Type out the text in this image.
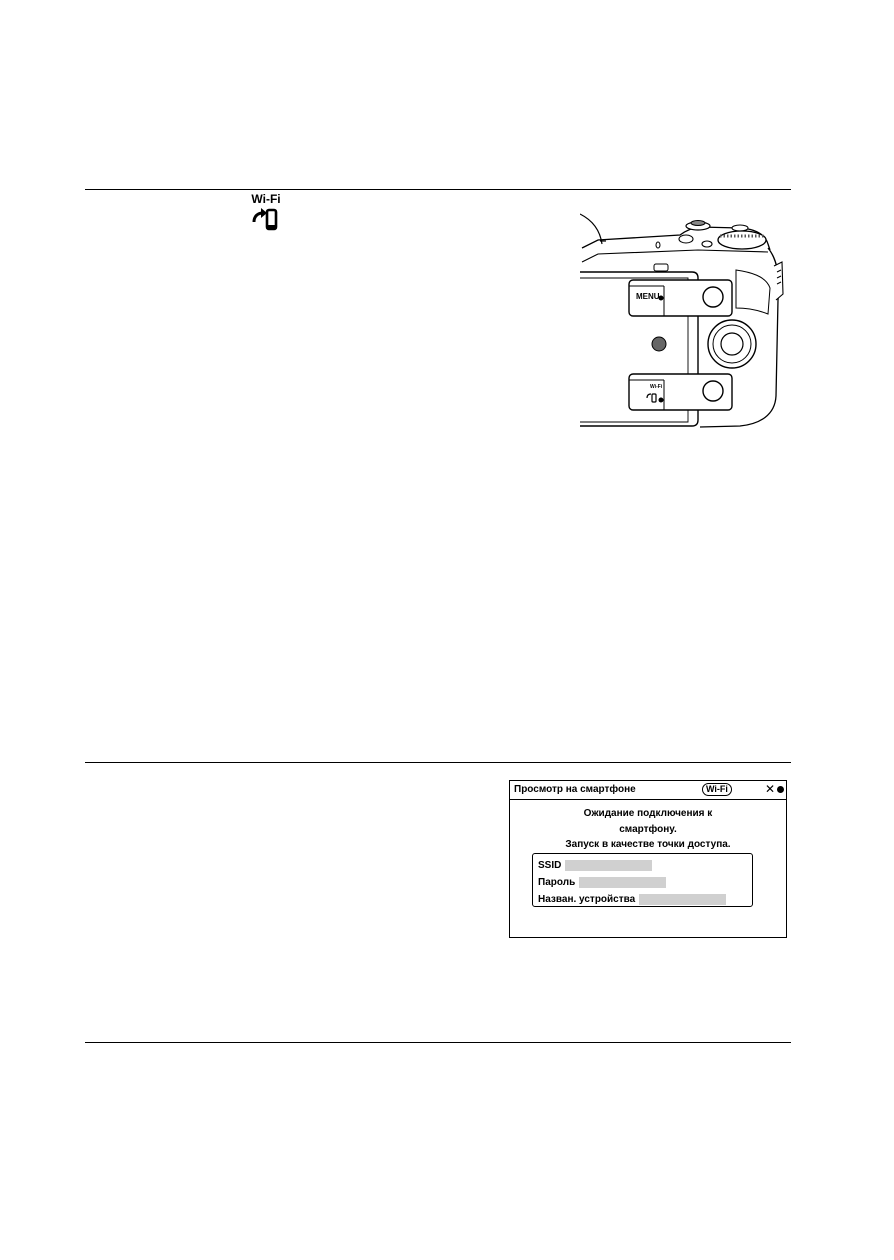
Wi-Fi
MENU
Wi-Fi
Просмотр на смартфоне	Wi-Fi	✕
Ожидание подключения к
смартфону.
Запуск в качестве точки доступа.
SSID
Пароль
Назван. устройства
